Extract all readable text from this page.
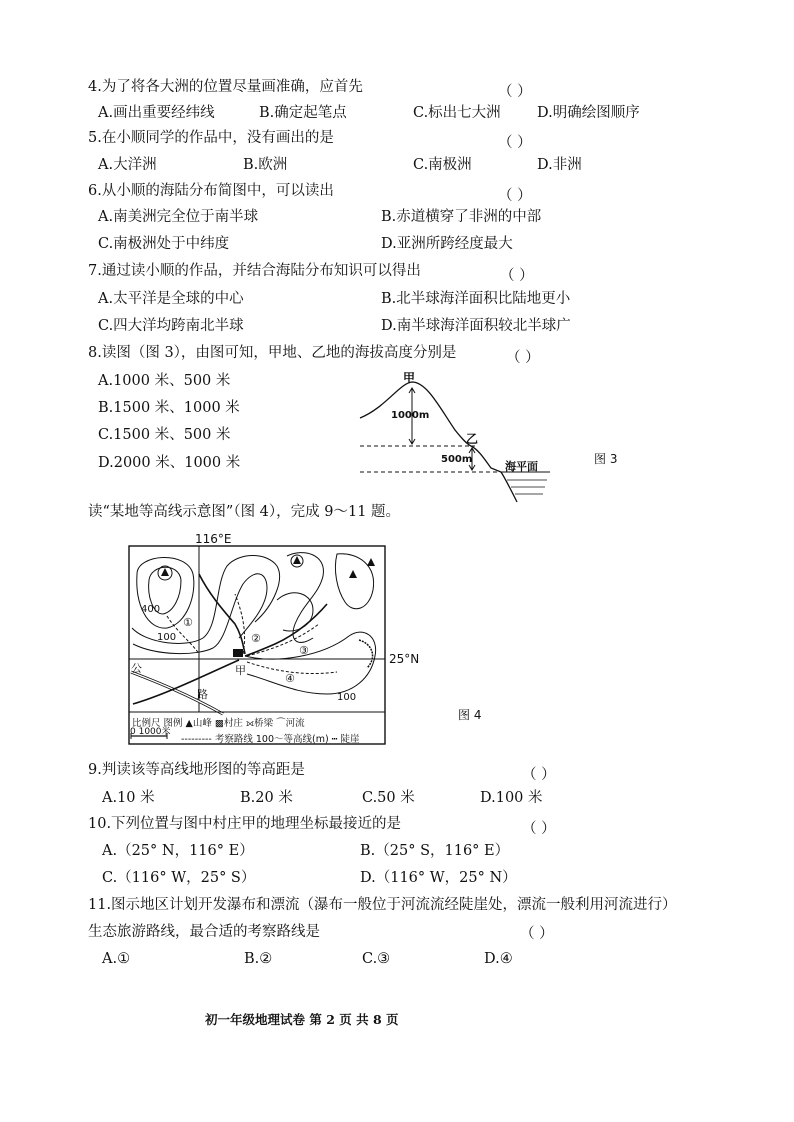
4.为了将各大洲的位置尽量画准确，应首先	（ ）
A.画出重要经纬线	B.确定起笔点	C.标出七大洲	D.明确绘图顺序
5.在小顺同学的作品中，没有画出的是	（ ）
A.大洋洲	B.欧洲	C.南极洲	D.非洲
6.从小顺的海陆分布简图中，可以读出	（ ）
A.南美洲完全位于南半球	B.赤道横穿了非洲的中部
C.南极洲处于中纬度	D.亚洲所跨经度最大
7.通过读小顺的作品，并结合海陆分布知识可以得出	（ ）
A.太平洋是全球的中心	B.北半球海洋面积比陆地更小
C.四大洋均跨南北半球	D.南半球海洋面积较北半球广
8.读图（图 3），由图可知，甲地、乙地的海拔高度分别是	（ ）
A.1000 米、500 米
B.1500 米、1000 米
C.1500 米、500 米
D.2000 米、1000 米
甲
1000m
乙
500m
海平面
图 3
读“某地等高线示意图”（图 4），完成 9～11 题。
116°E
25°N
400
100
100
①
②
③
④
甲
公
路
比例尺 图例 ▲山峰 ▩村庄 ⟗桥梁 ⌒河流
--------- 考察路线 100～等高线(m) ┅ 陡崖
0 1000米
图 4
9.判读该等高线地形图的等高距是	（ ）
A.10 米	B.20 米	C.50 米	D.100 米
10.下列位置与图中村庄甲的地理坐标最接近的是	（ ）
A.（25° N，116° E）	B.（25° S，116° E）
C.（116° W，25° S）	D.（116° W，25° N）
11.图示地区计划开发瀑布和漂流（瀑布一般位于河流流经陡崖处，漂流一般利用河流进行）
生态旅游路线，最合适的考察路线是	（ ）
A.①	B.②	C.③	D.④
初一年级地理试卷 第 2 页 共 8 页
